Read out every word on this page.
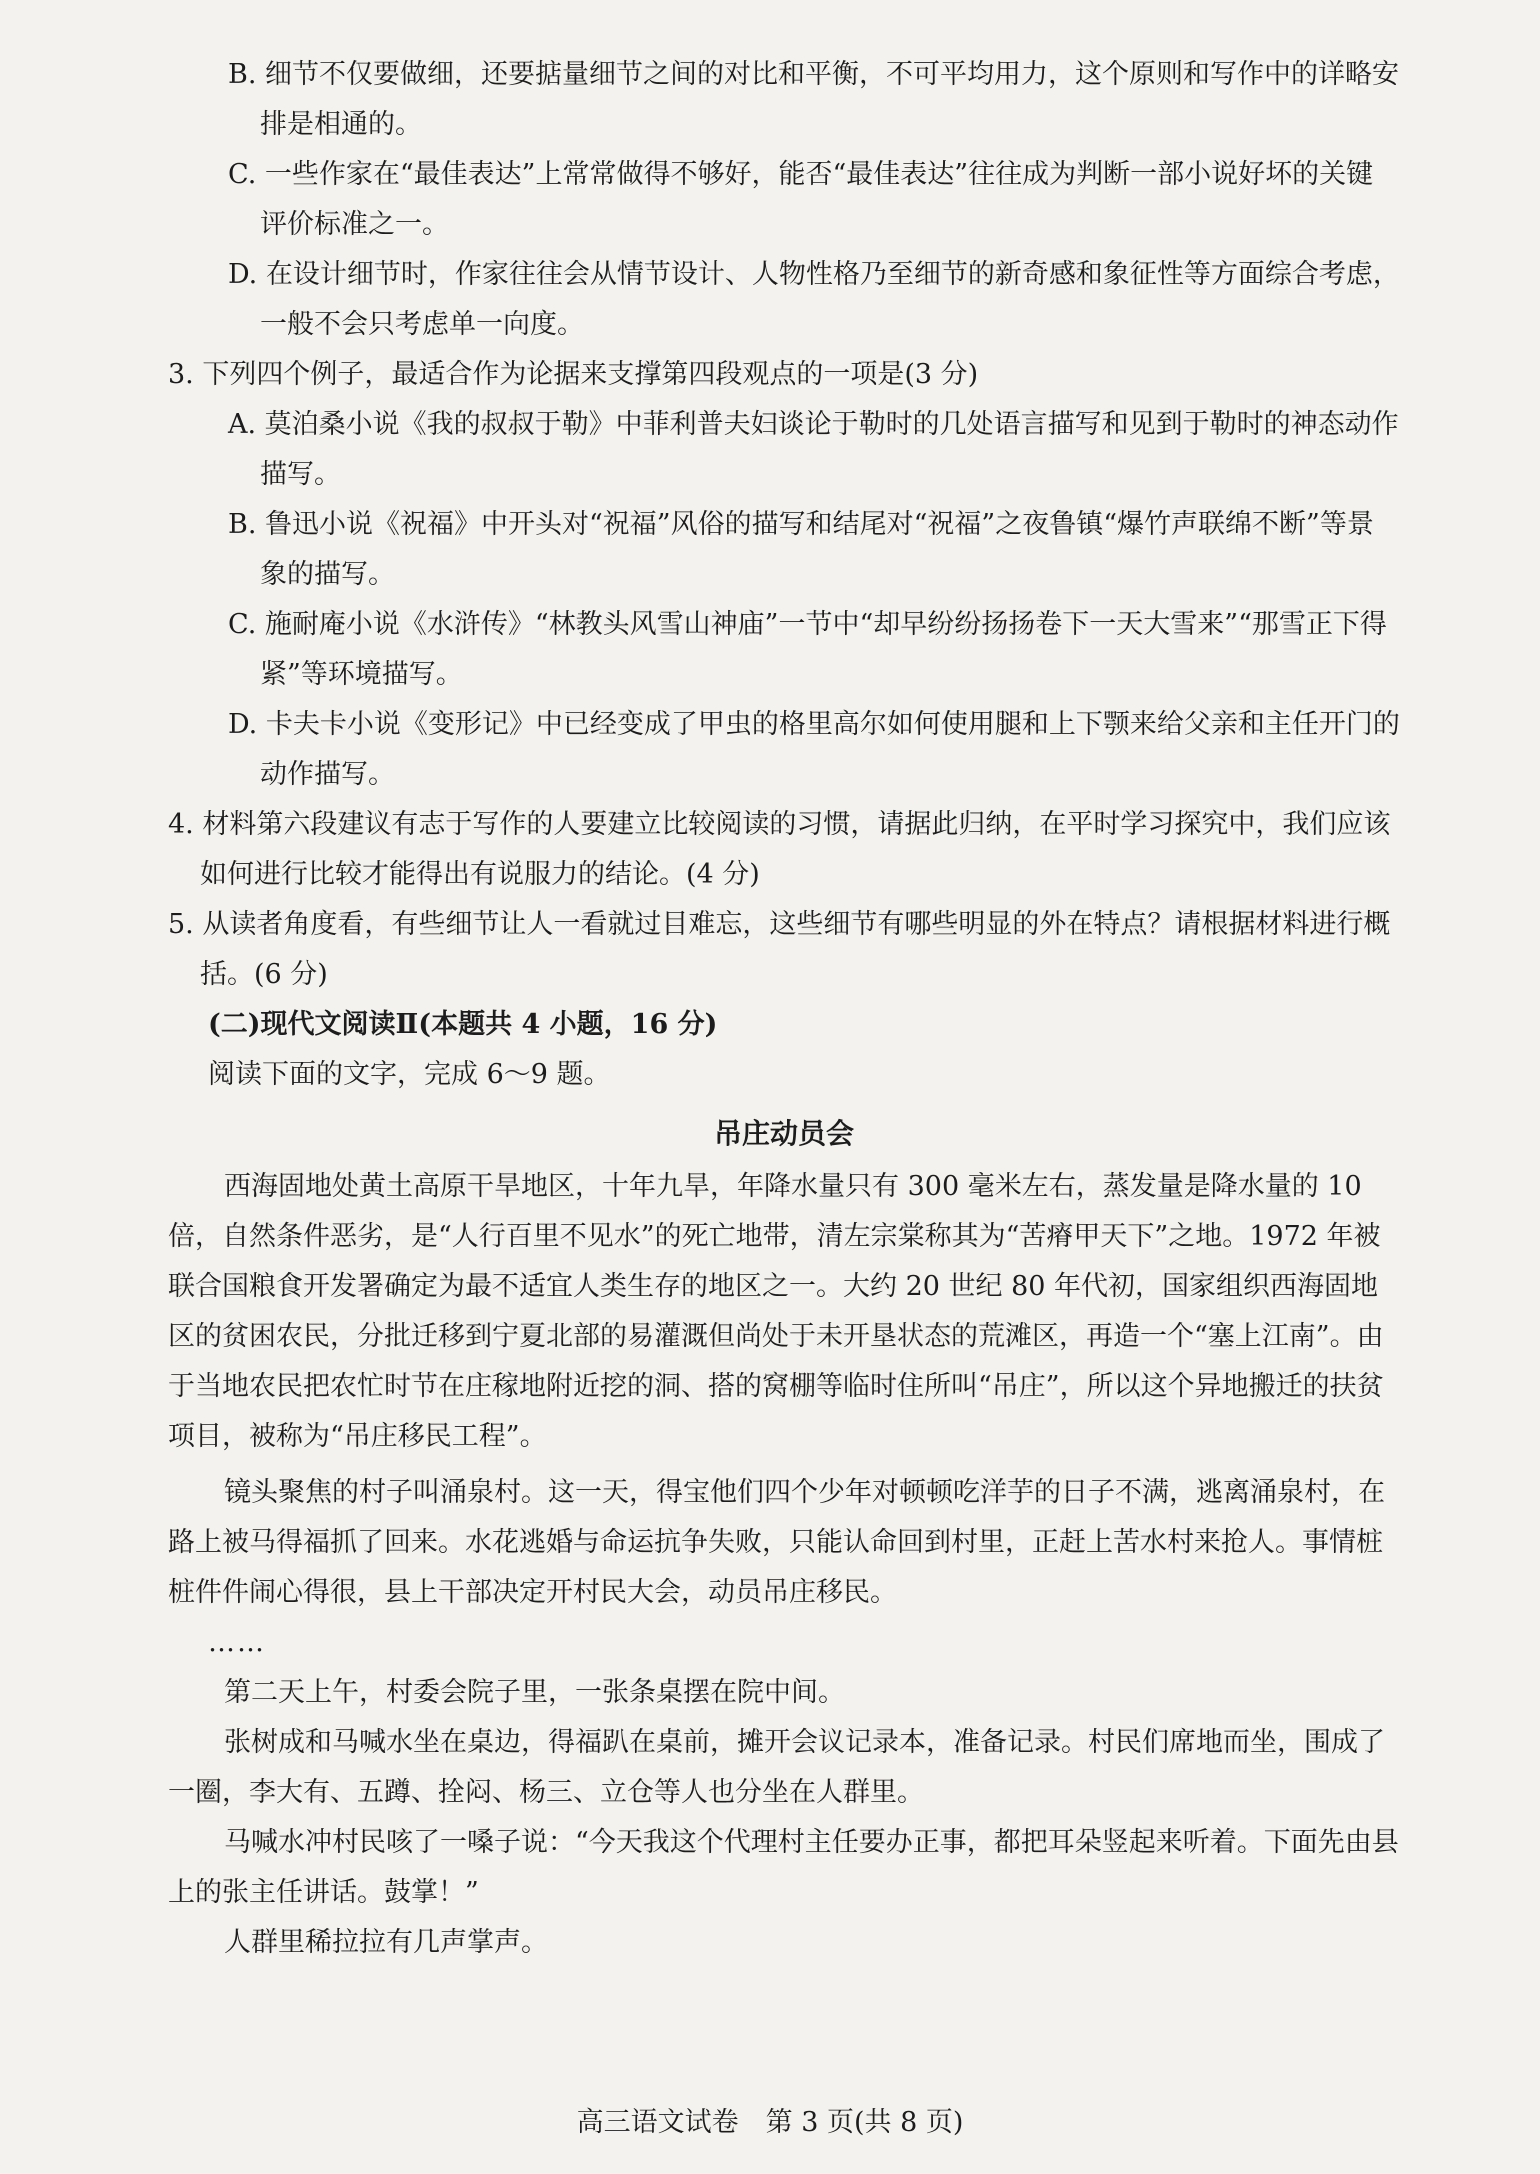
B. 细节不仅要做细，还要掂量细节之间的对比和平衡，不可平均用力，这个原则和写作中的详略安排是相通的。

C. 一些作家在“最佳表达”上常常做得不够好，能否“最佳表达”往往成为判断一部小说好坏的关键评价标准之一。

D. 在设计细节时，作家往往会从情节设计、人物性格乃至细节的新奇感和象征性等方面综合考虑，一般不会只考虑单一向度。

3. 下列四个例子，最适合作为论据来支撑第四段观点的一项是(3 分)

A. 莫泊桑小说《我的叔叔于勒》中菲利普夫妇谈论于勒时的几处语言描写和见到于勒时的神态动作描写。

B. 鲁迅小说《祝福》中开头对“祝福”风俗的描写和结尾对“祝福”之夜鲁镇“爆竹声联绵不断”等景象的描写。

C. 施耐庵小说《水浒传》“林教头风雪山神庙”一节中“却早纷纷扬扬卷下一天大雪来”“那雪正下得紧”等环境描写。

D. 卡夫卡小说《变形记》中已经变成了甲虫的格里高尔如何使用腿和上下颚来给父亲和主任开门的动作描写。

4. 材料第六段建议有志于写作的人要建立比较阅读的习惯，请据此归纳，在平时学习探究中，我们应该如何进行比较才能得出有说服力的结论。(4 分)

5. 从读者角度看，有些细节让人一看就过目难忘，这些细节有哪些明显的外在特点？请根据材料进行概括。(6 分)

(二)现代文阅读Ⅱ(本题共 4 小题，16 分)

阅读下面的文字，完成 6～9 题。

吊庄动员会

西海固地处黄土高原干旱地区，十年九旱，年降水量只有 300 毫米左右，蒸发量是降水量的 10 倍，自然条件恶劣，是“人行百里不见水”的死亡地带，清左宗棠称其为“苦瘠甲天下”之地。1972 年被联合国粮食开发署确定为最不适宜人类生存的地区之一。大约 20 世纪 80 年代初，国家组织西海固地区的贫困农民，分批迁移到宁夏北部的易灌溉但尚处于未开垦状态的荒滩区，再造一个“塞上江南”。由于当地农民把农忙时节在庄稼地附近挖的洞、搭的窝棚等临时住所叫“吊庄”，所以这个异地搬迁的扶贫项目，被称为“吊庄移民工程”。

镜头聚焦的村子叫涌泉村。这一天，得宝他们四个少年对顿顿吃洋芋的日子不满，逃离涌泉村，在路上被马得福抓了回来。水花逃婚与命运抗争失败，只能认命回到村里，正赶上苦水村来抢人。事情桩桩件件闹心得很，县上干部决定开村民大会，动员吊庄移民。

……

第二天上午，村委会院子里，一张条桌摆在院中间。

张树成和马喊水坐在桌边，得福趴在桌前，摊开会议记录本，准备记录。村民们席地而坐，围成了一圈，李大有、五蹲、拴闷、杨三、立仓等人也分坐在人群里。

马喊水冲村民咳了一嗓子说：“今天我这个代理村主任要办正事，都把耳朵竖起来听着。下面先由县上的张主任讲话。鼓掌！”

人群里稀拉拉有几声掌声。

高三语文试卷　第 3 页(共 8 页)
